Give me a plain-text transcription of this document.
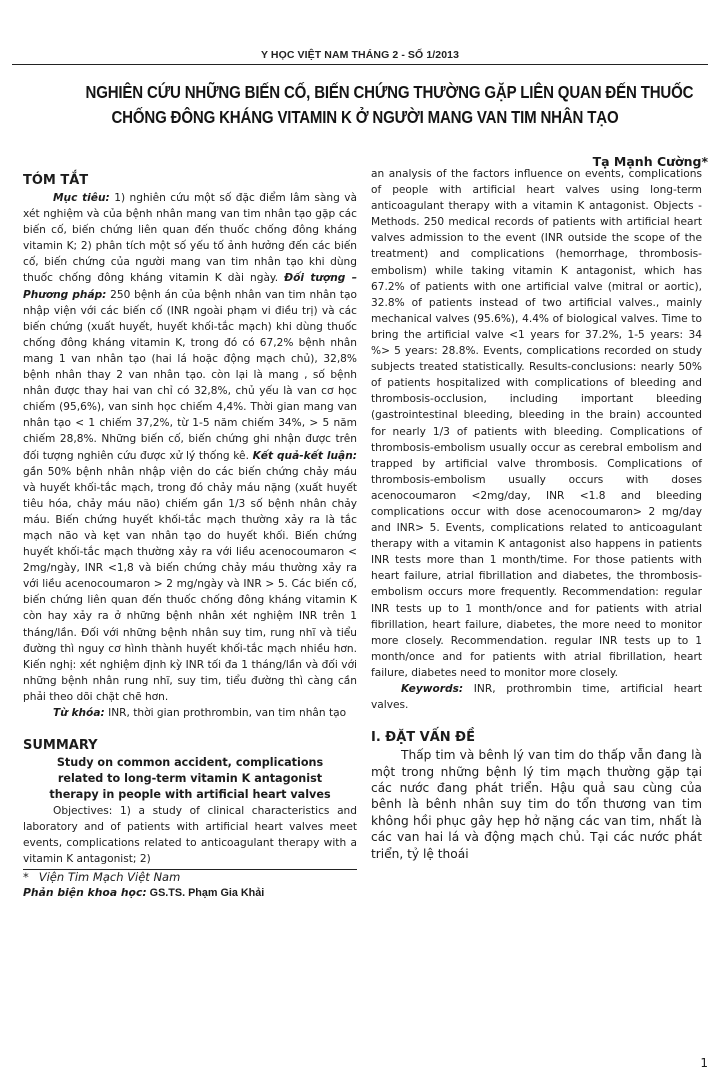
Y HỌC VIỆT NAM THÁNG 2 - SỐ 1/2013
NGHIÊN CỨU NHỮNG BIẾN CỐ, BIẾN CHỨNG THƯỜNG GẶP LIÊN QUAN ĐẾN THUỐC
CHỐNG ĐÔNG KHÁNG VITAMIN K Ở NGƯỜI MANG VAN TIM NHÂN TẠO
Tạ Mạnh Cường*
TÓM TẮT

Mục tiêu: 1) nghiên cứu một số đặc điểm lâm sàng và xét nghiệm và của bệnh nhân mang van tim nhân tạo gặp các biến cố, biến chứng liên quan đến thuốc chống đông kháng vitamin K; 2) phân tích một số yếu tố ảnh hưởng đến các biến cố, biến chứng của người mang van tim nhân tạo khi dùng thuốc chống đông kháng vitamin K dài ngày. Đối tượng – Phương pháp: 250 bệnh án của bệnh nhân van tim nhân tạo nhập viện với các biến cố (INR ngoài phạm vi điều trị) và các biến chứng (xuất huyết, huyết khối-tắc mạch) khi dùng thuốc chống đông kháng vitamin K, trong đó có 67,2% bệnh nhân mang 1 van nhân tạo (hai lá hoặc động mạch chủ), 32,8% bệnh nhân thay 2 van nhân tạo. còn lại là mang , số bệnh nhân được thay hai van chỉ có 32,8%, chủ yếu là van cơ học chiếm (95,6%), van sinh học chiếm 4,4%. Thời gian mang van nhân tạo < 1 chiếm 37,2%, từ 1-5 năm chiếm 34%, > 5 năm chiếm 28,8%. Những biến cố, biến chứng ghi nhận được trên đối tượng nghiên cứu được xử lý thống kê. Kết quả-kết luận: gần 50% bệnh nhân nhập viện do các biến chứng chảy máu và huyết khối-tắc mạch, trong đó chảy máu nặng (xuất huyết tiêu hóa, chảy máu não) chiếm gần 1/3 số bệnh nhân chảy máu. Biến chứng huyết khối-tắc mạch thường xảy ra là tắc mạch não và kẹt van nhân tạo do huyết khối. Biến chứng huyết khối-tắc mạch thường xảy ra với liều acenocoumaron < 2mg/ngày, INR <1,8 và biến chứng chảy máu thường xảy ra với liều acenocoumaron > 2 mg/ngày và INR > 5. Các biến cố, biến chứng liên quan đến thuốc chống đông kháng vitamin K còn hay xảy ra ở những bệnh nhân xét nghiệm INR trên 1 tháng/lần. Đối với những bệnh nhân suy tim, rung nhĩ và tiểu đường thì nguy cơ hình thành huyết khối-tắc mạch nhiều hơn. Kiến nghị: xét nghiệm định kỳ INR tối đa 1 tháng/lần và đối với những bệnh nhân rung nhĩ, suy tim, tiểu đường thì càng cần phải theo dõi chặt chẽ hơn.

Từ khóa: INR, thời gian prothrombin, van tim nhân tạo

SUMMARY
Study on common accident, complications
related to long-term vitamin K antagonist
therapy in people with artificial heart valves

Objectives: 1) a study of clinical characteristics and laboratory and of patients with artificial heart valves meet events, complications related to anticoagulant therapy with a vitamin K antagonist; 2)

* Viện Tim Mạch Việt Nam

Phản biện khoa học: GS.TS. Phạm Gia Khải

an analysis of the factors influence on events, complications of people with artificial heart valves using long-term anticoagulant therapy with a vitamin K antagonist. Objects - Methods. 250 medical records of patients with artificial heart valves admission to the event (INR outside the scope of the treatment) and complications (hemorrhage, thrombosis-embolism) while taking vitamin K antagonist, which has 67.2% of patients with one artificial valve (mitral or aortic), 32.8% of patients instead of two artificial valves., mainly mechanical valves (95.6%), 4.4% of biological valves. Time to bring the artificial valve <1 years for 37.2%, 1-5 years: 34 %> 5 years: 28.8%. Events, complications recorded on study subjects treated statistically. Results-conclusions: nearly 50% of patients hospitalized with complications of bleeding and thrombosis-occlusion, including important bleeding (gastrointestinal bleeding, bleeding in the brain) accounted for nearly 1/3 of patients with bleeding. Complications of thrombosis-embolism usually occur as cerebral embolism and trapped by artificial valve thrombosis. Complications of thrombosis-embolism usually occurs with doses acenocoumaron <2mg/day, INR <1.8 and bleeding complications occur with dose acenocoumaron> 2 mg/day and INR> 5. Events, complications related to anticoagulant therapy with a vitamin K antagonist also happens in patients INR tests more than 1 month/time. For those patients with heart failure, atrial fibrillation and diabetes, the thrombosis-embolism occurs more frequently. Recommendation: regular INR tests up to 1 month/once and for patients with atrial fibrillation, heart failure, diabetes, the more need to monitor more closely. Recommendation. regular INR tests up to 1 month/once and for patients with atrial fibrillation, heart failure, diabetes need to monitor more closely.

Keywords: INR, prothrombin time, artificial heart valves.

I. ĐẶT VẤN ĐỀ

Thấp tim và bênh lý van tim do thấp vẫn đang là một trong những bệnh lý tim mạch thường gặp tại các nước đang phát triển. Hậu quả sau cùng của bênh là bênh nhân suy tim do tổn thương van tim không hồi phục gây hẹp hở nặng các van tim, nhất là các van hai lá và động mạch chủ. Tại các nước phát triển, tỷ lệ thoái

1
